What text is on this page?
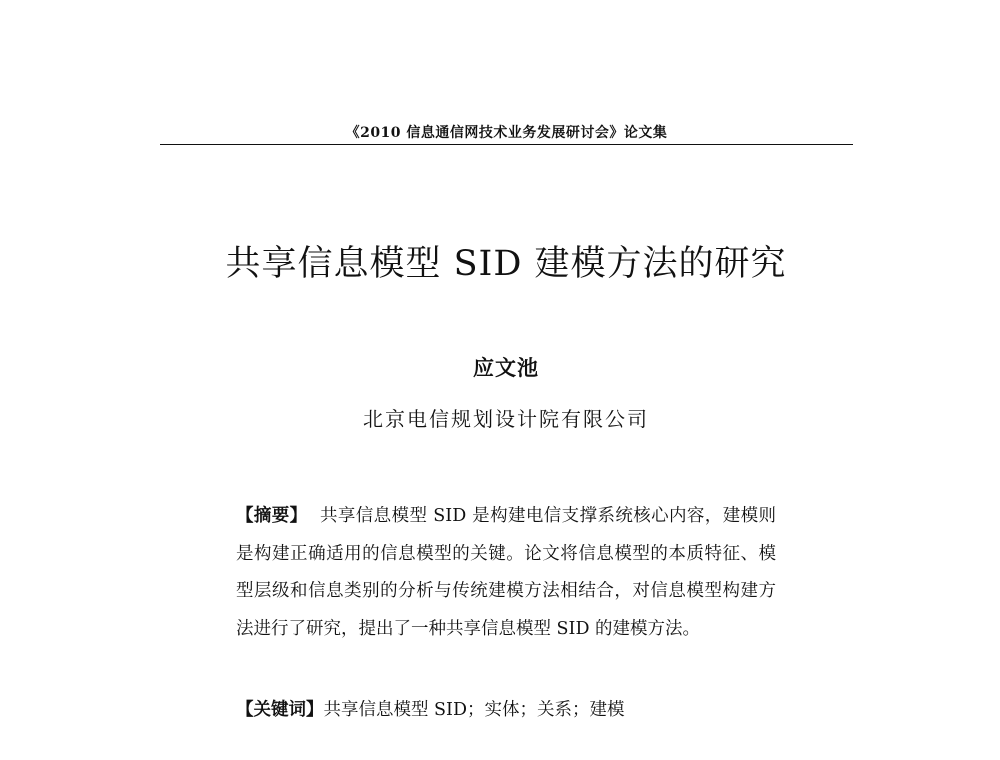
《2010 信息通信网技术业务发展研讨会》论文集
共享信息模型 SID 建模方法的研究
应文池
北京电信规划设计院有限公司

【摘要】 共享信息模型 SID 是构建电信支撑系统核心内容，建模则是构建正确适用的信息模型的关键。论文将信息模型的本质特征、模型层级和信息类别的分析与传统建模方法相结合，对信息模型构建方法进行了研究，提出了一种共享信息模型 SID 的建模方法。

【关键词】共享信息模型 SID；实体；关系；建模
